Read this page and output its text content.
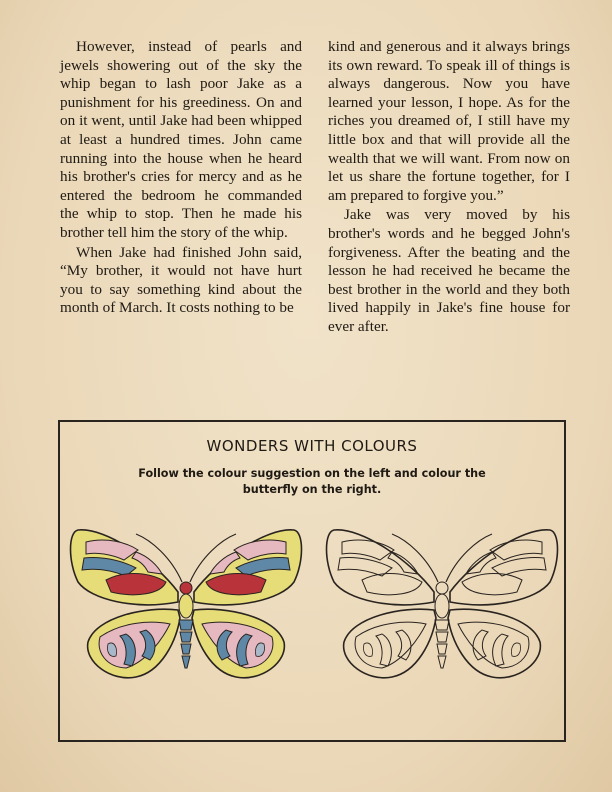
However, instead of pearls and jewels showering out of the sky the whip began to lash poor Jake as a punishment for his greediness. On and on it went, until Jake had been whipped at least a hundred times. John came running into the house when he heard his brother's cries for mercy and as he entered the bedroom he commanded the whip to stop. Then he made his brother tell him the story of the whip.

When Jake had finished John said, “My brother, it would not have hurt you to say something kind about the month of March. It costs nothing to be

kind and generous and it always brings its own reward. To speak ill of things is always dangerous. Now you have learned your lesson, I hope. As for the riches you dreamed of, I still have my little box and that will provide all the wealth that we will want. From now on let us share the fortune together, for I am prepared to forgive you.”

Jake was very moved by his brother's words and he begged John's forgiveness. After the beating and the lesson he had received he became the best brother in the world and they both lived happily in Jake's fine house for ever after.

WONDERS WITH COLOURS
Follow the colour suggestion on the left and colour the butterfly on the right.
